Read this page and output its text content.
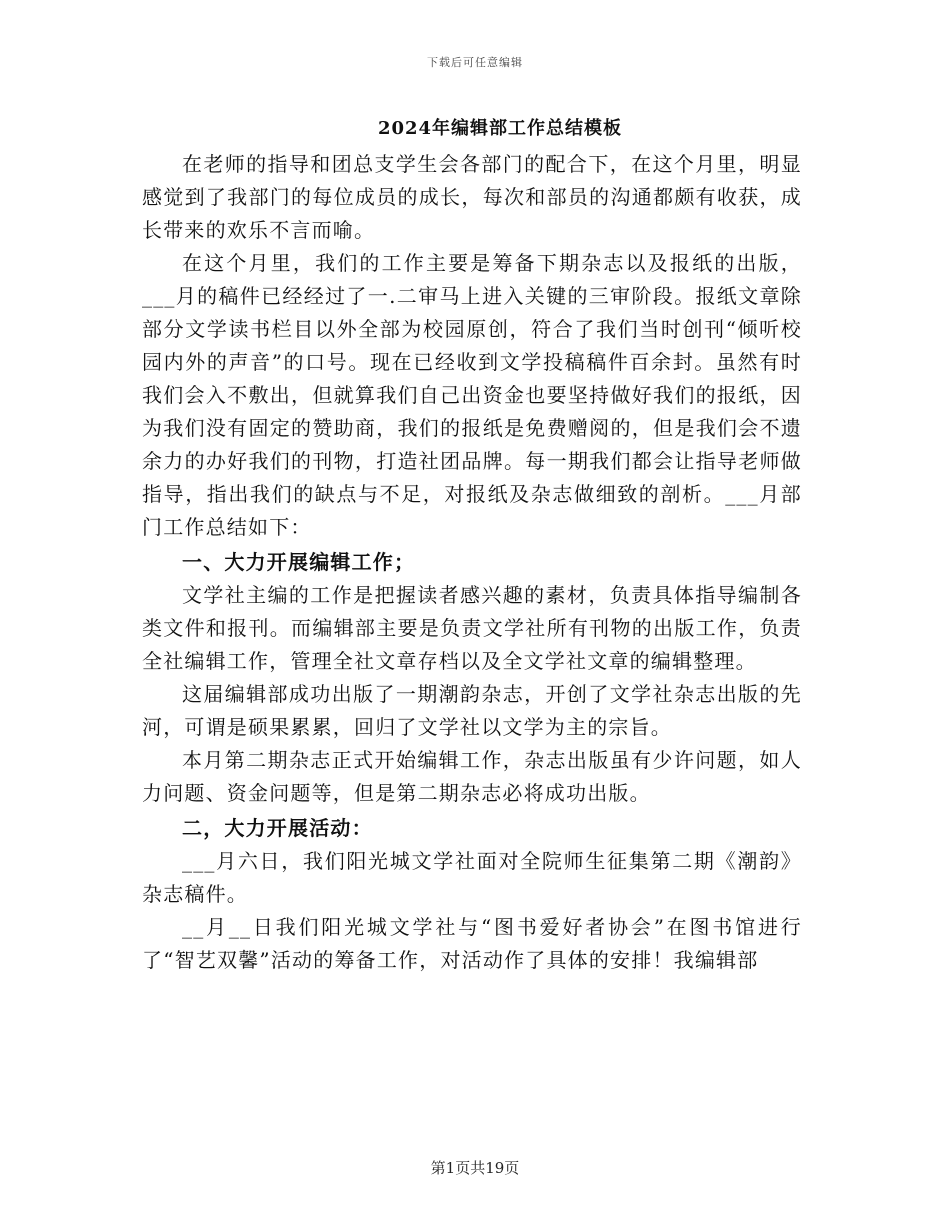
下载后可任意编辑
2024年编辑部工作总结模板

在老师的指导和团总支学生会各部门的配合下，在这个月里，明显感觉到了我部门的每位成员的成长，每次和部员的沟通都颇有收获，成长带来的欢乐不言而喻。

在这个月里，我们的工作主要是筹备下期杂志以及报纸的出版，___月的稿件已经经过了一.二审马上进入关键的三审阶段。报纸文章除部分文学读书栏目以外全部为校园原创，符合了我们当时创刊“倾听校园内外的声音”的口号。现在已经收到文学投稿稿件百余封。虽然有时我们会入不敷出，但就算我们自己出资金也要坚持做好我们的报纸，因为我们没有固定的赞助商，我们的报纸是免费赠阅的，但是我们会不遗余力的办好我们的刊物，打造社团品牌。每一期我们都会让指导老师做指导，指出我们的缺点与不足，对报纸及杂志做细致的剖析。___月部门工作总结如下：

一、大力开展编辑工作；

文学社主编的工作是把握读者感兴趣的素材，负责具体指导编制各类文件和报刊。而编辑部主要是负责文学社所有刊物的出版工作，负责全社编辑工作，管理全社文章存档以及全文学社文章的编辑整理。

这届编辑部成功出版了一期潮韵杂志，开创了文学社杂志出版的先河，可谓是硕果累累，回归了文学社以文学为主的宗旨。

本月第二期杂志正式开始编辑工作，杂志出版虽有少许问题，如人力问题、资金问题等，但是第二期杂志必将成功出版。

二，大力开展活动：

___月六日，我们阳光城文学社面对全院师生征集第二期《潮韵》杂志稿件。

__月__日我们阳光城文学社与“图书爱好者协会”在图书馆进行了“智艺双馨”活动的筹备工作，对活动作了具体的安排！我编辑部

第1页共19页
